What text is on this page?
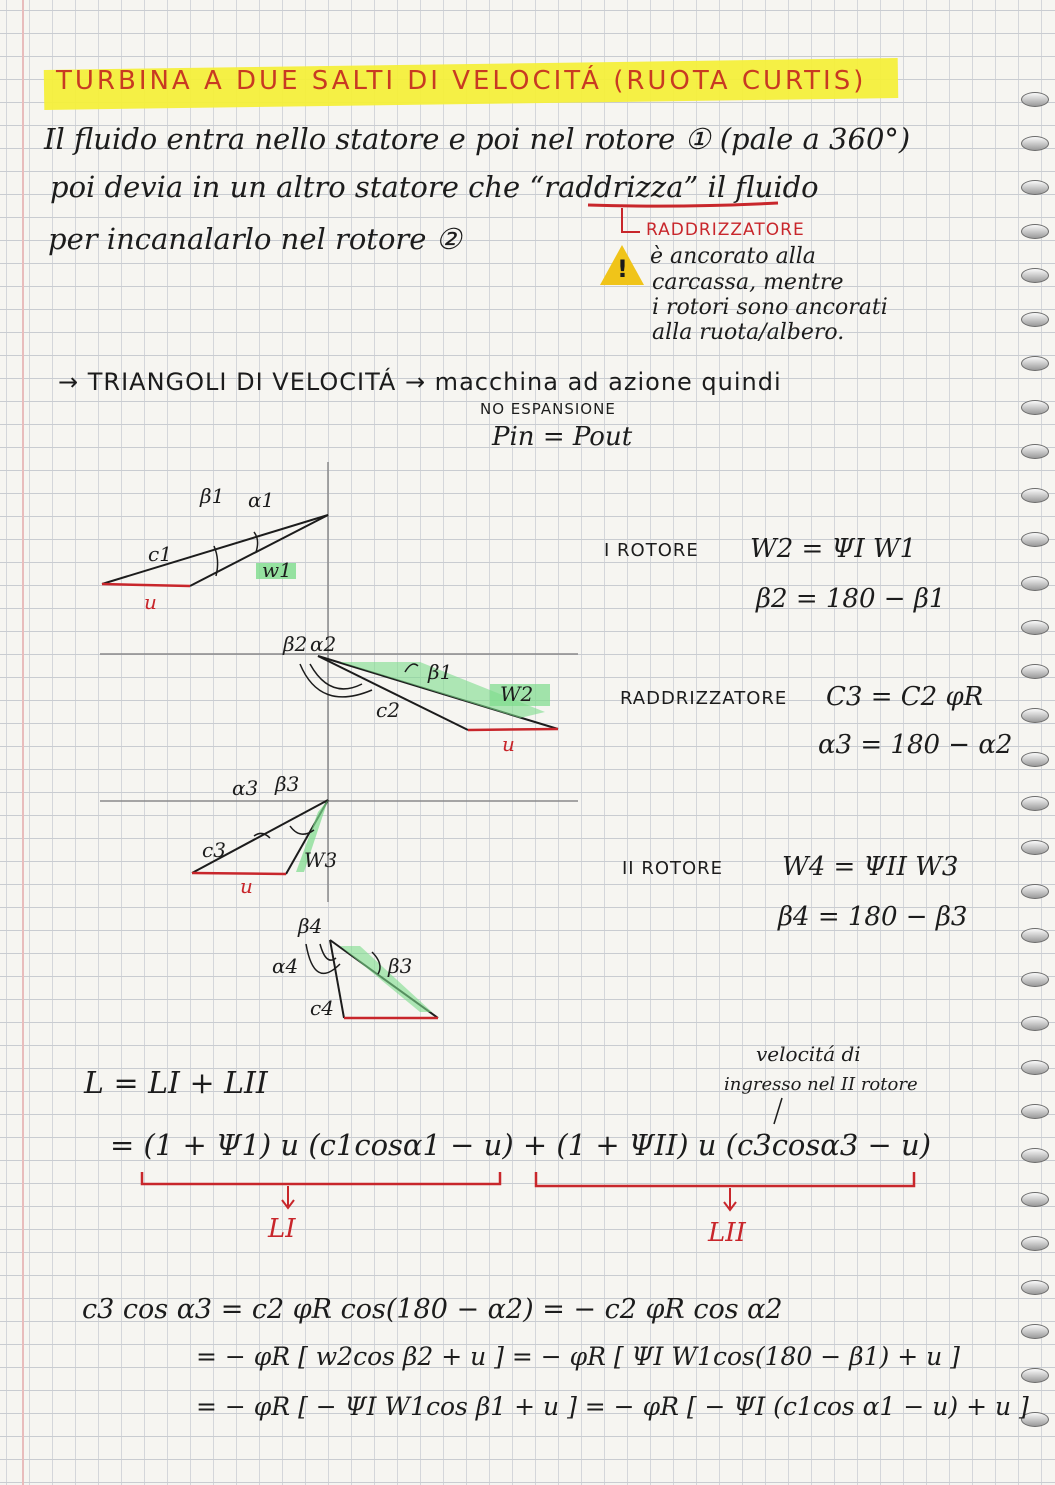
TURBINA A DUE SALTI DI VELOCITÁ (RUOTA CURTIS)
Il fluido entra nello statore e poi nel rotore ① (pale a 360°)
poi devia in un altro statore che “raddrizza” il fluido
per incanalarlo nel rotore ②	RADDRIZZATORE
! è ancorato alla
carcassa, mentre
i rotori sono ancorati
alla ruota/albero.
→ TRIANGOLI DI VELOCITÁ → macchina ad azione quindi
NO ESPANSIONE
Pin = Pout
β1 α1
c1
w1
u
β2 α2
β1
c2
W2
u
α3 β3
c3	W3
u
β4
α4	β3
c4
I ROTORE W2 = ΨI W1
β2 = 180 − β1
RADDRIZZATORE C3 = C2 φR
α3 = 180 − α2
II ROTORE W4 = ΨII W3
β4 = 180 − β3
velocitá di
ingresso nel II rotore
L = LI + LII
= (1 + Ψ1) u (c1cosα1 − u) + (1 + ΨII) u (c3cosα3 − u)
LI	LII
c3 cos α3 = c2 φR cos(180 − α2) = − c2 φR cos α2
= − φR [ w2cos β2 + u ] = − φR [ ΨI W1cos(180 − β1) + u ]
= − φR [ − ΨI W1cos β1 + u ] = − φR [ − ΨI (c1cos α1 − u) + u ]
